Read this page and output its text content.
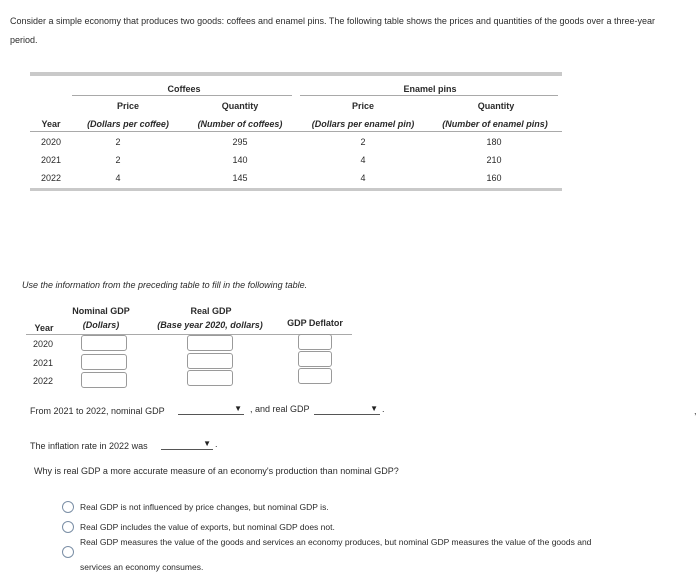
Consider a simple economy that produces two goods: coffees and enamel pins. The following table shows the prices and quantities of the goods over a three-year period.
Coffees	Enamel pins
Price	Quantity	Price	Quantity
Year	(Dollars per coffee)	(Number of coffees)	(Dollars per enamel pin)	(Number of enamel pins)
2020	2	295	2	180
2021	2	140	4	210
2022	4	145	4	160
Use the information from the preceding table to fill in the following table.
Nominal GDP	Real GDP
Year	(Dollars)	(Base year 2020, dollars)	GDP Deflator
2020
2021
2022
From 2021 to 2022, nominal GDP	▼ , and real GDP	▼ .
The inflation rate in 2022 was	▼ .
Why is real GDP a more accurate measure of an economy's production than nominal GDP?
Real GDP is not influenced by price changes, but nominal GDP is.
Real GDP includes the value of exports, but nominal GDP does not.
Real GDP measures the value of the goods and services an economy produces, but nominal GDP measures the value of the goods and
services an economy consumes.
,
